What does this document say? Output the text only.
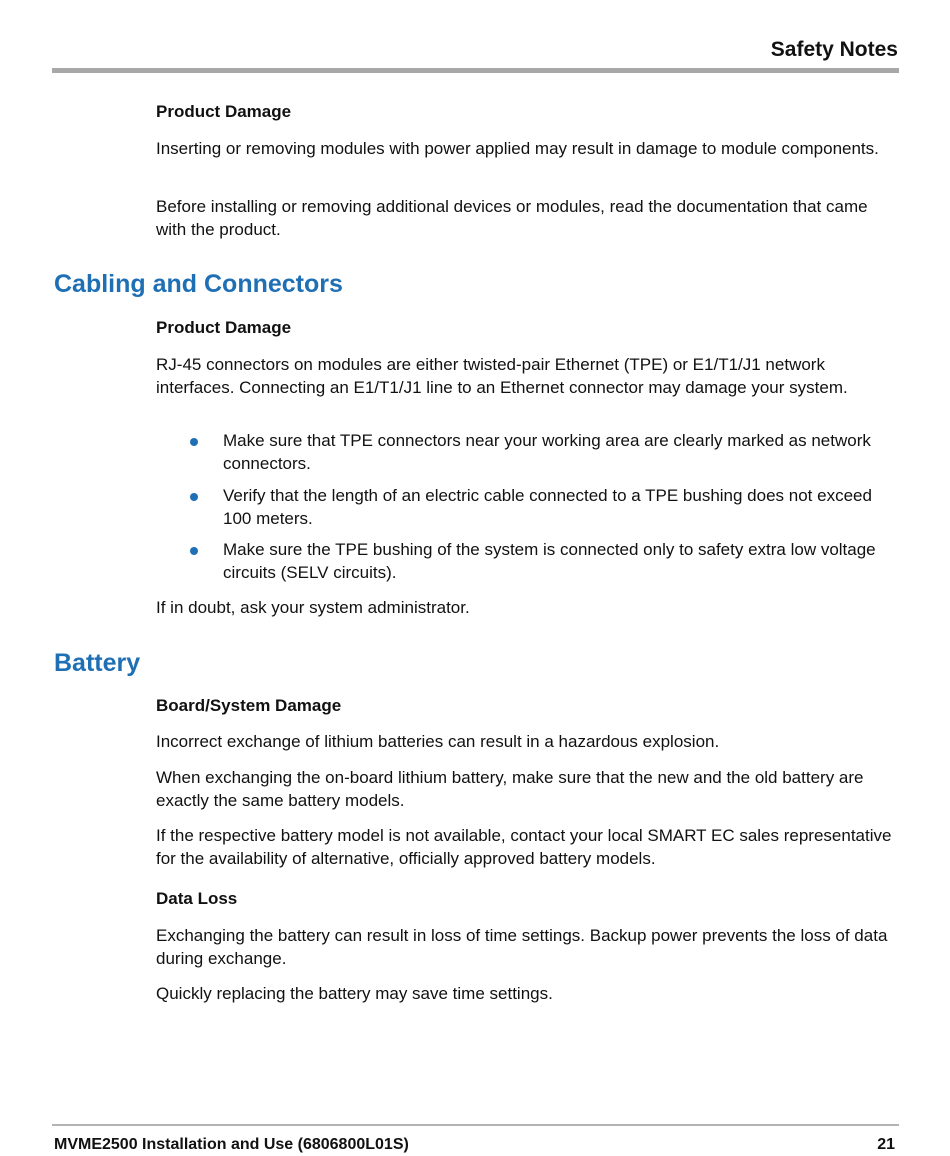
Safety Notes
Product Damage
Inserting or removing modules with power applied may result in damage to module components.
Before installing or removing additional devices or modules, read the documentation that came with the product.
Cabling and Connectors
Product Damage
RJ-45 connectors on modules are either twisted-pair Ethernet (TPE) or E1/T1/J1 network interfaces. Connecting an E1/T1/J1 line to an Ethernet connector may damage your system.
Make sure that TPE connectors near your working area are clearly marked as network connectors.
Verify that the length of an electric cable connected to a TPE bushing does not exceed 100 meters.
Make sure the TPE bushing of the system is connected only to safety extra low voltage circuits (SELV circuits).
If in doubt, ask your system administrator.
Battery
Board/System Damage
Incorrect exchange of lithium batteries can result in a hazardous explosion.
When exchanging the on-board lithium battery, make sure that the new and the old battery are exactly the same battery models.
If the respective battery model is not available, contact your local SMART EC sales representative for the availability of alternative, officially approved battery models.
Data Loss
Exchanging the battery can result in loss of time settings. Backup power prevents the loss of data during exchange.
Quickly replacing the battery may save time settings.
MVME2500 Installation and Use (6806800L01S)	21
